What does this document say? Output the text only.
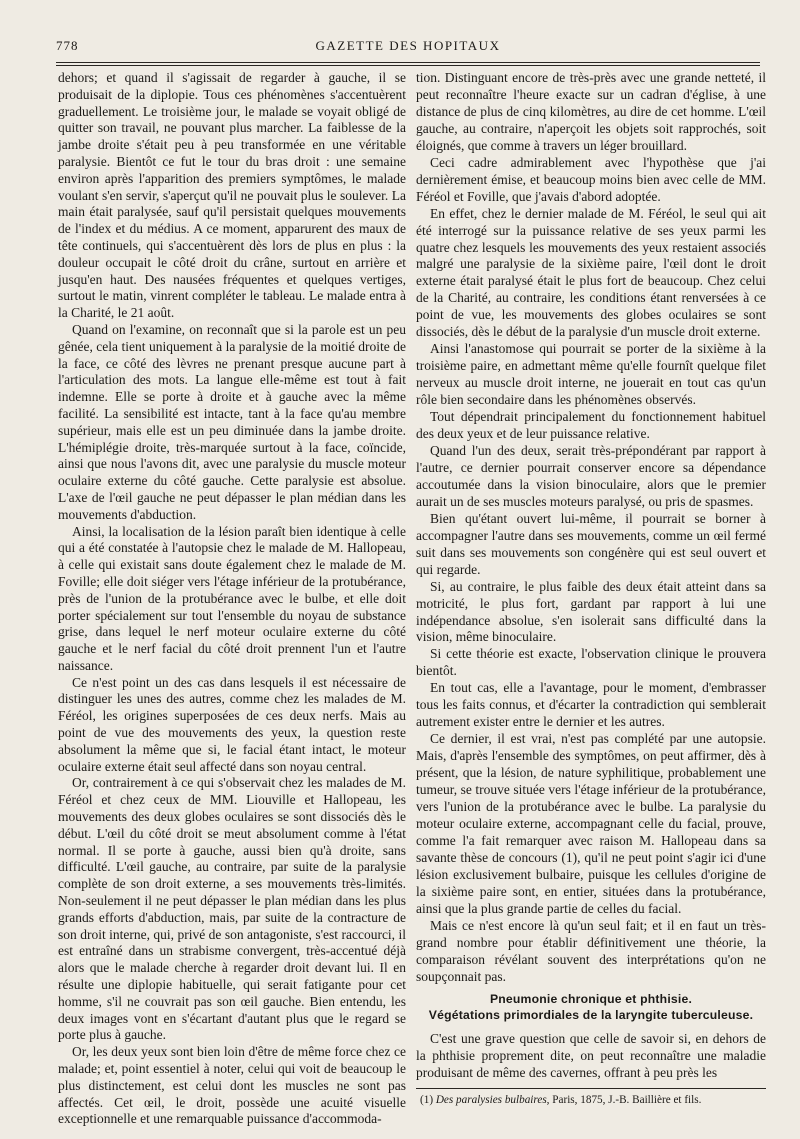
778	GAZETTE DES HOPITAUX

dehors; et quand il s'agissait de regarder à gauche, il se produisait de la diplopie. Tous ces phénomènes s'accentuèrent graduellement. Le troisième jour, le malade se voyait obligé de quitter son travail, ne pouvant plus marcher. La faiblesse de la jambe droite s'était peu à peu transformée en une véritable paralysie. Bientôt ce fut le tour du bras droit : une semaine environ après l'apparition des premiers symptômes, le malade voulant s'en servir, s'aperçut qu'il ne pouvait plus le soulever. La main était paralysée, sauf qu'il persistait quelques mouvements de l'index et du médius. A ce moment, apparurent des maux de tête continuels, qui s'accentuèrent dès lors de plus en plus : la douleur occupait le côté droit du crâne, surtout en arrière et jusqu'en haut. Des nausées fréquentes et quelques vertiges, surtout le matin, vinrent compléter le tableau. Le malade entra à la Charité, le 21 août.

Quand on l'examine, on reconnaît que si la parole est un peu gênée, cela tient uniquement à la paralysie de la moitié droite de la face, ce côté des lèvres ne prenant presque aucune part à l'articulation des mots. La langue elle-même est tout à fait indemne. Elle se porte à droite et à gauche avec la même facilité. La sensibilité est intacte, tant à la face qu'au membre supérieur, mais elle est un peu diminuée dans la jambe droite. L'hémiplégie droite, très-marquée surtout à la face, coïncide, ainsi que nous l'avons dit, avec une paralysie du muscle moteur oculaire externe du côté gauche. Cette paralysie est absolue. L'axe de l'œil gauche ne peut dépasser le plan médian dans les mouvements d'abduction.

Ainsi, la localisation de la lésion paraît bien identique à celle qui a été constatée à l'autopsie chez le malade de M. Hallopeau, à celle qui existait sans doute également chez le malade de M. Foville; elle doit siéger vers l'étage inférieur de la protubérance, près de l'union de la protubérance avec le bulbe, et elle doit porter spécialement sur tout l'ensemble du noyau de substance grise, dans lequel le nerf moteur oculaire externe du côté gauche et le nerf facial du côté droit prennent l'un et l'autre naissance.

Ce n'est point un des cas dans lesquels il est nécessaire de distinguer les unes des autres, comme chez les malades de M. Féréol, les origines superposées de ces deux nerfs. Mais au point de vue des mouvements des yeux, la question reste absolument la même que si, le facial étant intact, le moteur oculaire externe était seul affecté dans son noyau central.

Or, contrairement à ce qui s'observait chez les malades de M. Féréol et chez ceux de MM. Liouville et Hallopeau, les mouvements des deux globes oculaires se sont dissociés dès le début. L'œil du côté droit se meut absolument comme à l'état normal. Il se porte à gauche, aussi bien qu'à droite, sans difficulté. L'œil gauche, au contraire, par suite de la paralysie complète de son droit externe, a ses mouvements très-limités. Non-seulement il ne peut dépasser le plan médian dans les plus grands efforts d'abduction, mais, par suite de la contracture de son droit interne, qui, privé de son antagoniste, s'est raccourci, il est entraîné dans un strabisme convergent, très-accentué déjà alors que le malade cherche à regarder droit devant lui. Il en résulte une diplopie habituelle, qui serait fatigante pour cet homme, s'il ne couvrait pas son œil gauche. Bien entendu, les deux images vont en s'écartant d'autant plus que le regard se porte plus à gauche.

Or, les deux yeux sont bien loin d'être de même force chez ce malade; et, point essentiel à noter, celui qui voit de beaucoup le plus distinctement, est celui dont les muscles ne sont pas affectés. Cet œil, le droit, possède une acuité visuelle exceptionnelle et une remarquable puissance d'accommoda-

tion. Distinguant encore de très-près avec une grande netteté, il peut reconnaître l'heure exacte sur un cadran d'église, à une distance de plus de cinq kilomètres, au dire de cet homme. L'œil gauche, au contraire, n'aperçoit les objets soit rapprochés, soit éloignés, que comme à travers un léger brouillard.

Ceci cadre admirablement avec l'hypothèse que j'ai dernièrement émise, et beaucoup moins bien avec celle de MM. Féréol et Foville, que j'avais d'abord adoptée.

En effet, chez le dernier malade de M. Féréol, le seul qui ait été interrogé sur la puissance relative de ses yeux parmi les quatre chez lesquels les mouvements des yeux restaient associés malgré une paralysie de la sixième paire, l'œil dont le droit externe était paralysé était le plus fort de beaucoup. Chez celui de la Charité, au contraire, les conditions étant renversées à ce point de vue, les mouvements des globes oculaires se sont dissociés, dès le début de la paralysie d'un muscle droit externe.

Ainsi l'anastomose qui pourrait se porter de la sixième à la troisième paire, en admettant même qu'elle fournît quelque filet nerveux au muscle droit interne, ne jouerait en tout cas qu'un rôle bien secondaire dans les phénomènes observés.

Tout dépendrait principalement du fonctionnement habituel des deux yeux et de leur puissance relative.

Quand l'un des deux, serait très-prépondérant par rapport à l'autre, ce dernier pourrait conserver encore sa dépendance accoutumée dans la vision binoculaire, alors que le premier aurait un de ses muscles moteurs paralysé, ou pris de spasmes.

Bien qu'étant ouvert lui-même, il pourrait se borner à accompagner l'autre dans ses mouvements, comme un œil fermé suit dans ses mouvements son congénère qui est seul ouvert et qui regarde.

Si, au contraire, le plus faible des deux était atteint dans sa motricité, le plus fort, gardant par rapport à lui une indépendance absolue, s'en isolerait sans difficulté dans la vision, même binoculaire.

Si cette théorie est exacte, l'observation clinique le prouvera bientôt.

En tout cas, elle a l'avantage, pour le moment, d'embrasser tous les faits connus, et d'écarter la contradiction qui semblerait autrement exister entre le dernier et les autres.

Ce dernier, il est vrai, n'est pas complété par une autopsie. Mais, d'après l'ensemble des symptômes, on peut affirmer, dès à présent, que la lésion, de nature syphilitique, probablement une tumeur, se trouve située vers l'étage inférieur de la protubérance, vers l'union de la protubérance avec le bulbe. La paralysie du moteur oculaire externe, accompagnant celle du facial, prouve, comme l'a fait remarquer avec raison M. Hallopeau dans sa savante thèse de concours (1), qu'il ne peut point s'agir ici d'une lésion exclusivement bulbaire, puisque les cellules d'origine de la sixième paire sont, en entier, situées dans la protubérance, ainsi que la plus grande partie de celles du facial.

Mais ce n'est encore là qu'un seul fait; et il en faut un très-grand nombre pour établir définitivement une théorie, la comparaison révélant souvent des interprétations qu'on ne soupçonnait pas.

Pneumonie chronique et phthisie.
Végétations primordiales de la laryngite tuberculeuse.

C'est une grave question que celle de savoir si, en dehors de la phthisie proprement dite, on peut reconnaître une maladie produisant de même des cavernes, offrant à peu près les

(1) Des paralysies bulbaires, Paris, 1875, J.-B. Baillière et fils.
